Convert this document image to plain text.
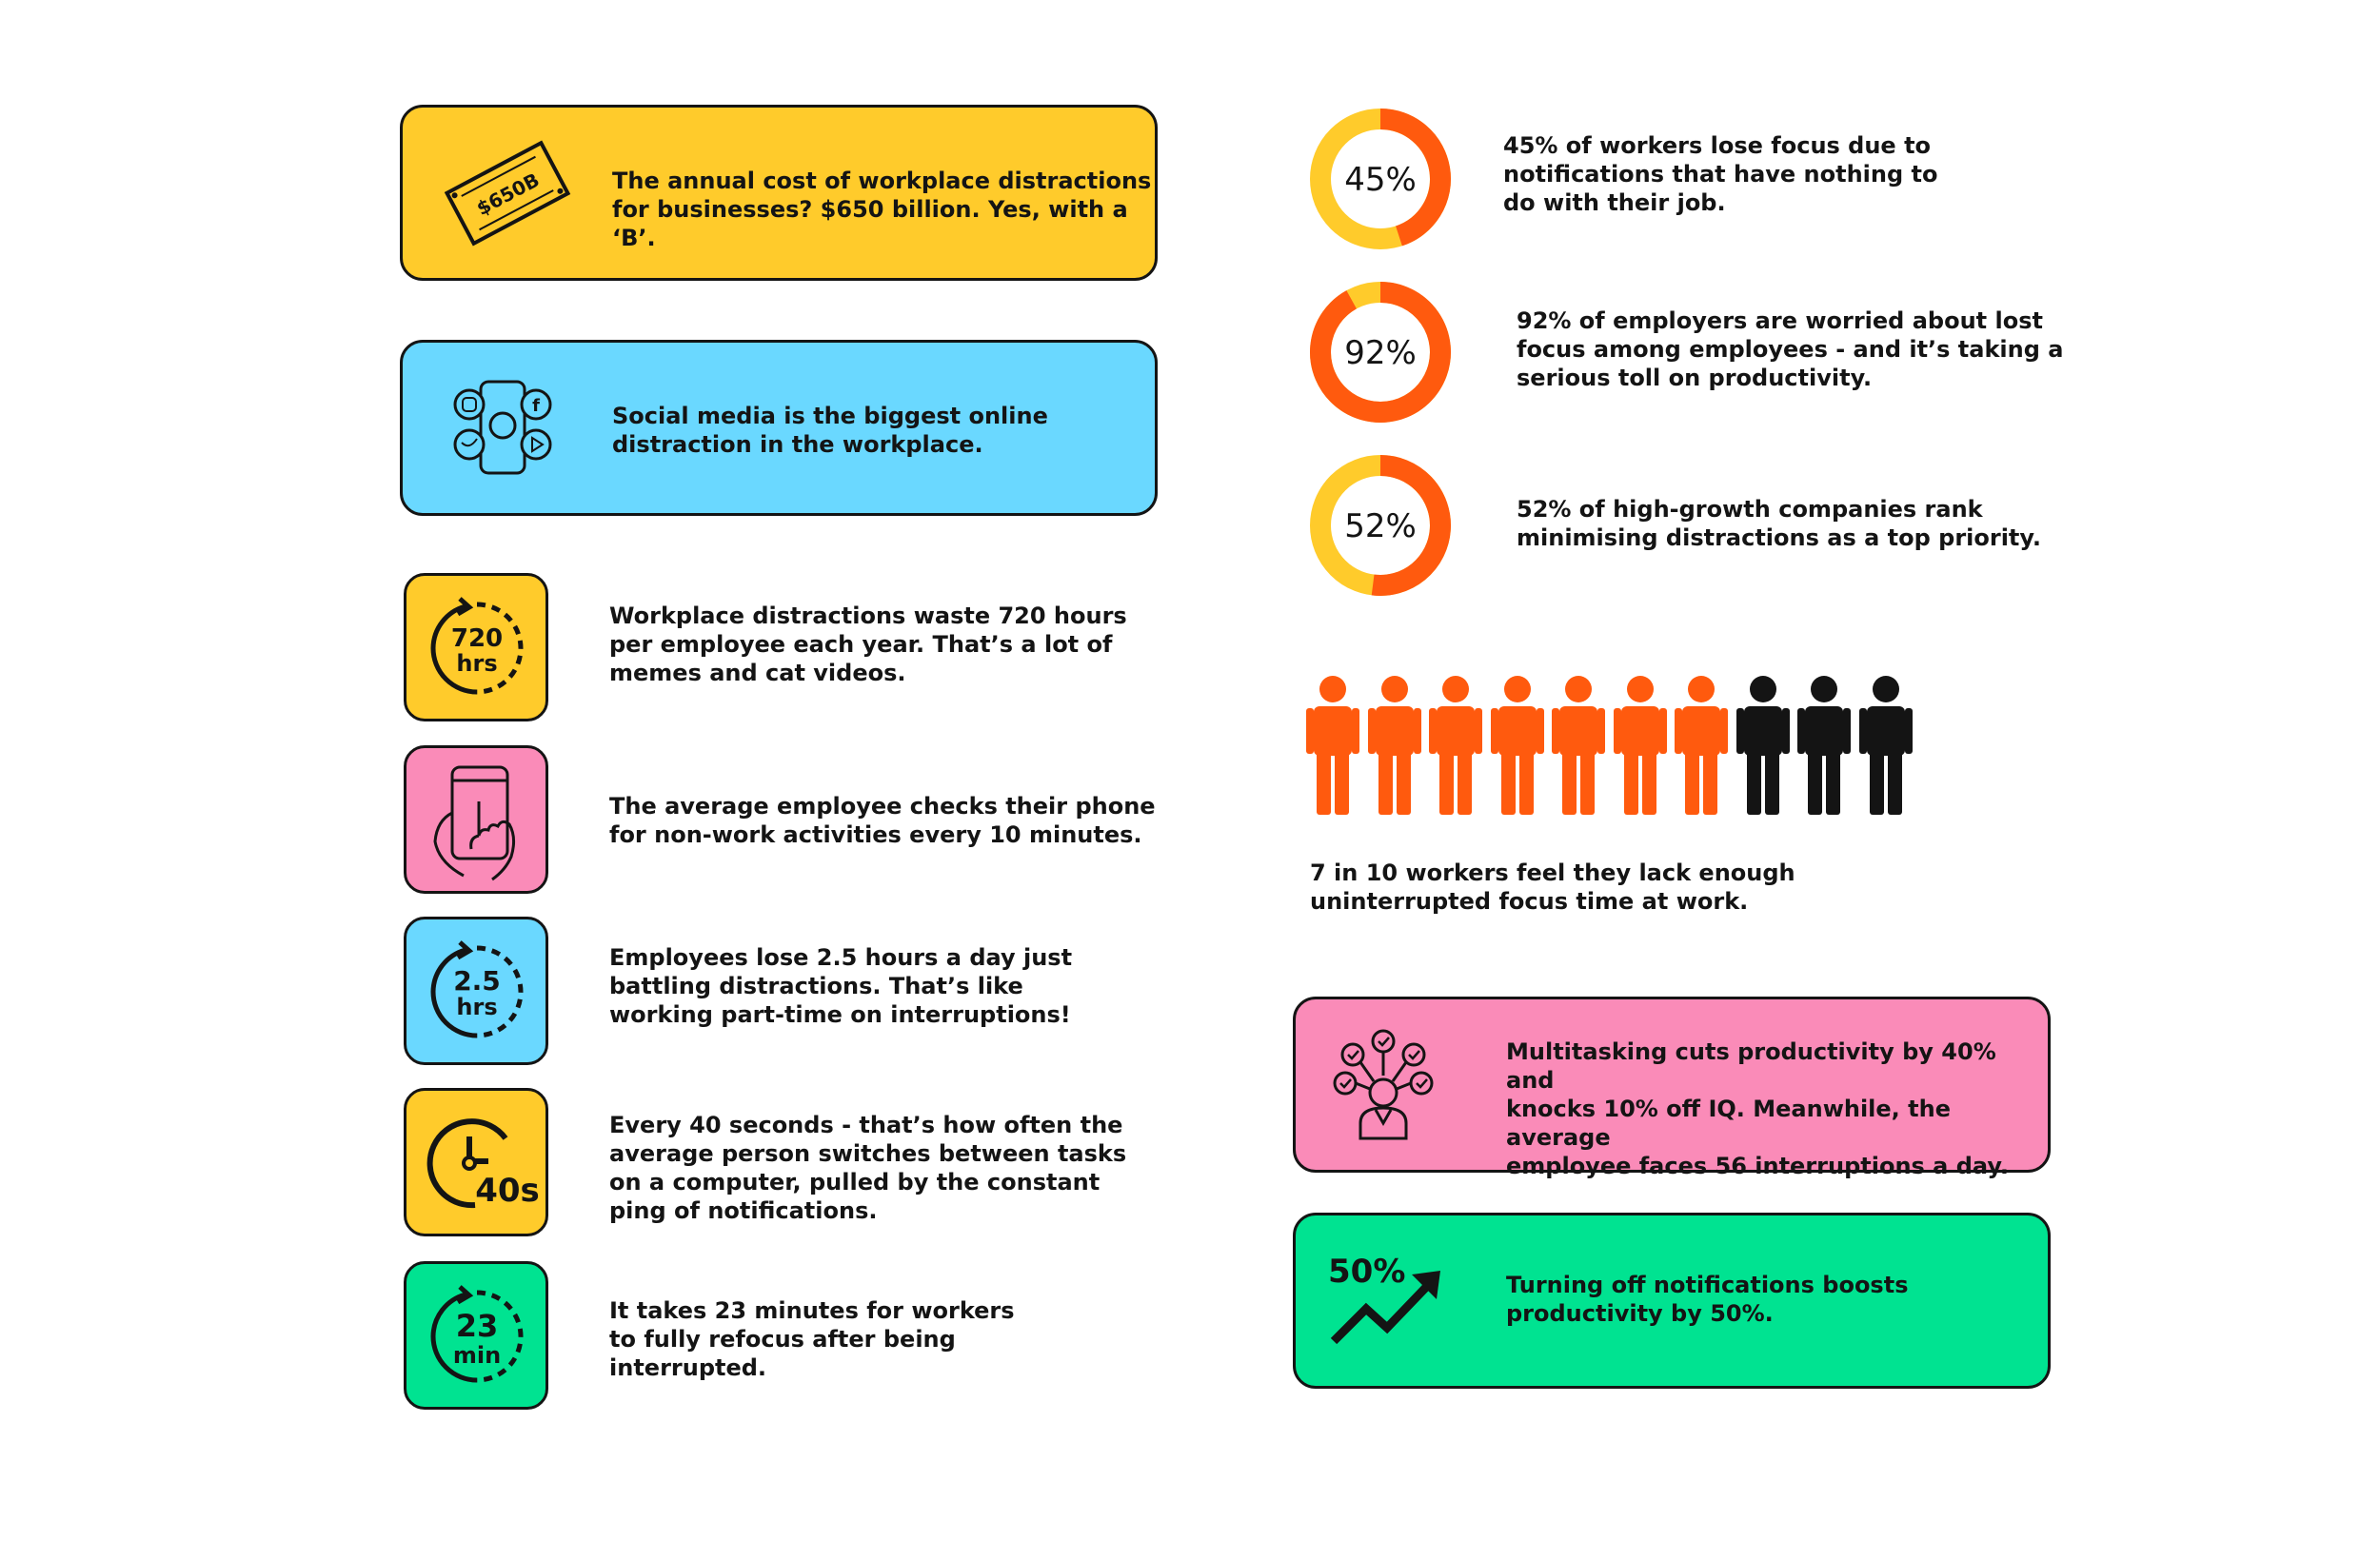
$650B	The annual cost of workplace distractions
for businesses? $650 billion. Yes, with a ‘B’.
f	Social media is the biggest online
distraction in the workplace.
720
hrs
Workplace distractions waste 720 hours
per employee each year. That’s a lot of
memes and cat videos.
The average employee checks their phone
for non-work activities every 10 minutes.
2.5
hrs
Employees lose 2.5 hours a day just
battling distractions. That’s like
working part-time on interruptions!
40s
Every 40 seconds - that’s how often the
average person switches between tasks
on a computer, pulled by the constant
ping of notifications.
23
min
It takes 23 minutes for workers
to fully refocus after being
interrupted.
45%
45% of workers lose focus due to
notifications that have nothing to
do with their job.
92%
92% of employers are worried about lost
focus among employees - and it’s taking a
serious toll on productivity.
52%	52% of high-growth companies rank
minimising distractions as a top priority.
7 in 10 workers feel they lack enough
uninterrupted focus time at work.
Multitasking cuts productivity by 40% and
knocks 10% off IQ. Meanwhile, the average
employee faces 56 interruptions a day.
50%	Turning off notifications boosts
productivity by 50%.
